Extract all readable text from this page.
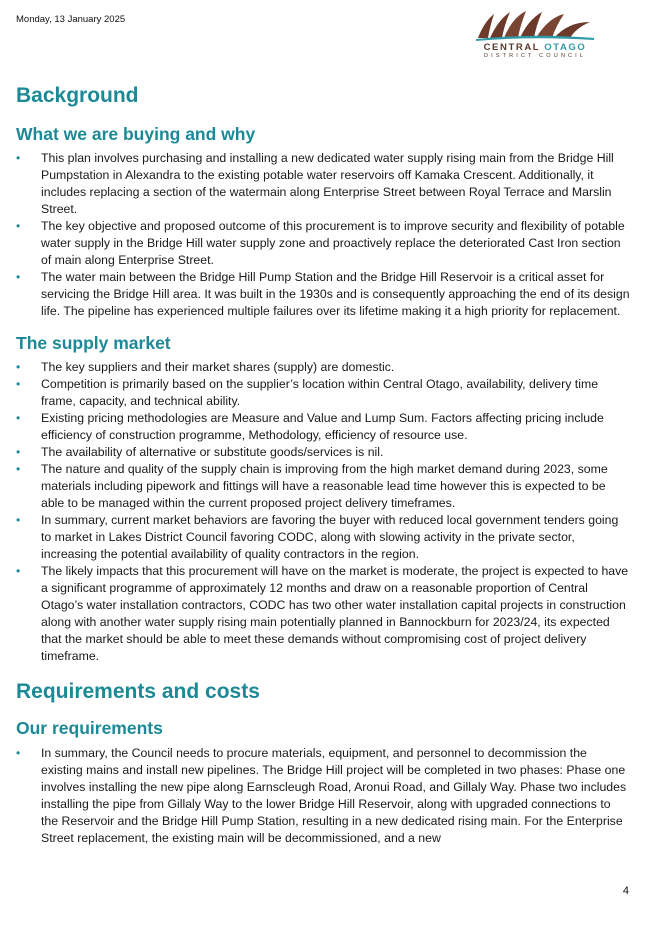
Monday, 13 January 2025
CENTRAL OTAGO
DISTRICT COUNCIL
Background
What we are buying and why
• This plan involves purchasing and installing a new dedicated water supply rising main from the Bridge Hill Pumpstation in Alexandra to the existing potable water reservoirs off Kamaka Crescent. Additionally, it includes replacing a section of the watermain along Enterprise Street between Royal Terrace and Marslin Street.
• The key objective and proposed outcome of this procurement is to improve security and flexibility of potable water supply in the Bridge Hill water supply zone and proactively replace the deteriorated Cast Iron section of main along Enterprise Street.
• The water main between the Bridge Hill Pump Station and the Bridge Hill Reservoir is a critical asset for servicing the Bridge Hill area. It was built in the 1930s and is consequently approaching the end of its design life. The pipeline has experienced multiple failures over its lifetime making it a high priority for replacement.
The supply market
• The key suppliers and their market shares (supply) are domestic.
• Competition is primarily based on the supplier’s location within Central Otago, availability, delivery time frame, capacity, and technical ability.
• Existing pricing methodologies are Measure and Value and Lump Sum. Factors affecting pricing include efficiency of construction programme, Methodology, efficiency of resource use.
• The availability of alternative or substitute goods/services is nil.
• The nature and quality of the supply chain is improving from the high market demand during 2023, some materials including pipework and fittings will have a reasonable lead time however this is expected to be able to be managed within the current proposed project delivery timeframes.
• In summary, current market behaviors are favoring the buyer with reduced local government tenders going to market in Lakes District Council favoring CODC, along with slowing activity in the private sector, increasing the potential availability of quality contractors in the region.
• The likely impacts that this procurement will have on the market is moderate, the project is expected to have a significant programme of approximately 12 months and draw on a reasonable proportion of Central Otago’s water installation contractors, CODC has two other water installation capital projects in construction along with another water supply rising main potentially planned in Bannockburn for 2023/24, its expected that the market should be able to meet these demands without compromising cost of project delivery timeframe.
Requirements and costs
Our requirements
• In summary, the Council needs to procure materials, equipment, and personnel to decommission the existing mains and install new pipelines. The Bridge Hill project will be completed in two phases: Phase one involves installing the new pipe along Earnscleugh Road, Aronui Road, and Gillaly Way. Phase two includes installing the pipe from Gillaly Way to the lower Bridge Hill Reservoir, along with upgraded connections to the Reservoir and the Bridge Hill Pump Station, resulting in a new dedicated rising main. For the Enterprise Street replacement, the existing main will be decommissioned, and a new
4
